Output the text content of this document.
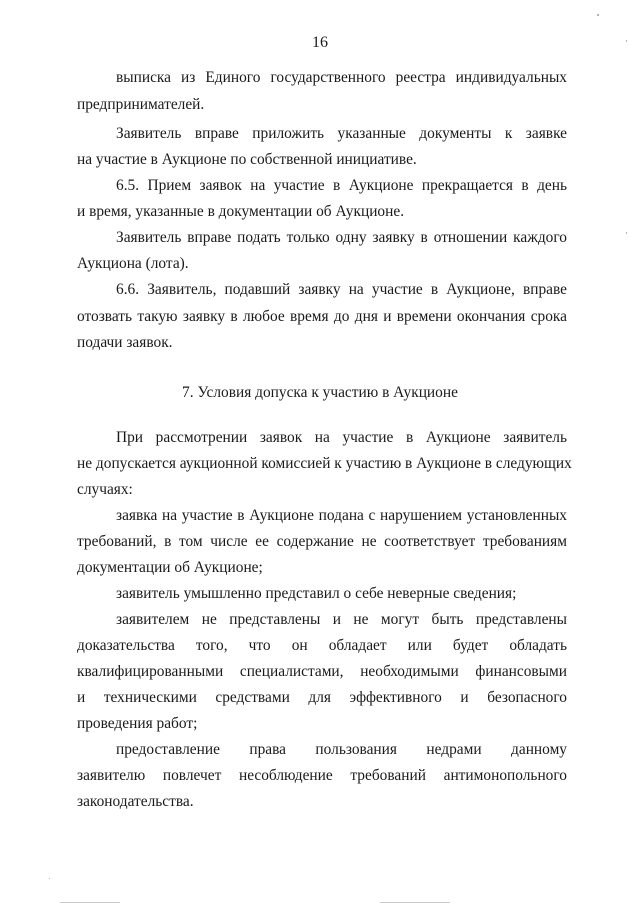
16
выписка из Единого государственного реестра индивидуальных
предпринимателей.
Заявитель вправе приложить указанные документы к заявке
на участие в Аукционе по собственной инициативе.
6.5. Прием заявок на участие в Аукционе прекращается в день
и время, указанные в документации об Аукционе.
Заявитель вправе подать только одну заявку в отношении каждого
Аукциона (лота).
6.6. Заявитель, подавший заявку на участие в Аукционе, вправе
отозвать такую заявку в любое время до дня и времени окончания срока
подачи заявок.
7. Условия допуска к участию в Аукционе
При рассмотрении заявок на участие в Аукционе заявитель
не допускается аукционной комиссией к участию в Аукционе в следующих
случаях:
заявка на участие в Аукционе подана с нарушением установленных
требований, в том числе ее содержание не соответствует требованиям
документации об Аукционе;
заявитель умышленно представил о себе неверные сведения;
заявителем не представлены и не могут быть представлены
доказательства того, что он обладает или будет обладать
квалифицированными специалистами, необходимыми финансовыми
и техническими средствами для эффективного и безопасного
проведения работ;
предоставление права пользования недрами данному
заявителю повлечет несоблюдение требований антимонопольного
законодательства.
